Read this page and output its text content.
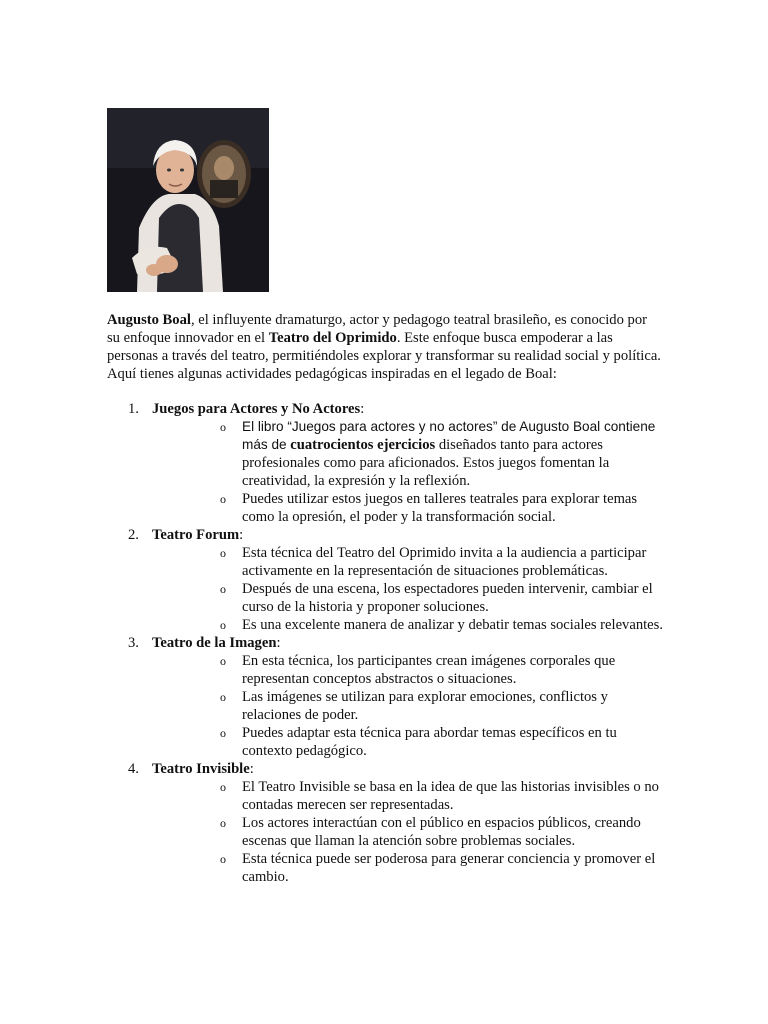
Augusto Boal, el influyente dramaturgo, actor y pedagogo teatral brasileño, es conocido por su enfoque innovador en el Teatro del Oprimido. Este enfoque busca empoderar a las personas a través del teatro, permitiéndoles explorar y transformar su realidad social y política. Aquí tienes algunas actividades pedagógicas inspiradas en el legado de Boal:

1. Juegos para Actores y No Actores:
o El libro “Juegos para actores y no actores” de Augusto Boal contiene más de cuatrocientos ejercicios diseñados tanto para actores profesionales como para aficionados. Estos juegos fomentan la creatividad, la expresión y la reflexión.
o Puedes utilizar estos juegos en talleres teatrales para explorar temas como la opresión, el poder y la transformación social.
2. Teatro Forum:
o Esta técnica del Teatro del Oprimido invita a la audiencia a participar activamente en la representación de situaciones problemáticas.
o Después de una escena, los espectadores pueden intervenir, cambiar el curso de la historia y proponer soluciones.
o Es una excelente manera de analizar y debatir temas sociales relevantes.
3. Teatro de la Imagen:
o En esta técnica, los participantes crean imágenes corporales que representan conceptos abstractos o situaciones.
o Las imágenes se utilizan para explorar emociones, conflictos y relaciones de poder.
o Puedes adaptar esta técnica para abordar temas específicos en tu contexto pedagógico.
4. Teatro Invisible:
o El Teatro Invisible se basa en la idea de que las historias invisibles o no contadas merecen ser representadas.
o Los actores interactúan con el público en espacios públicos, creando escenas que llaman la atención sobre problemas sociales.
o Esta técnica puede ser poderosa para generar conciencia y promover el cambio.
